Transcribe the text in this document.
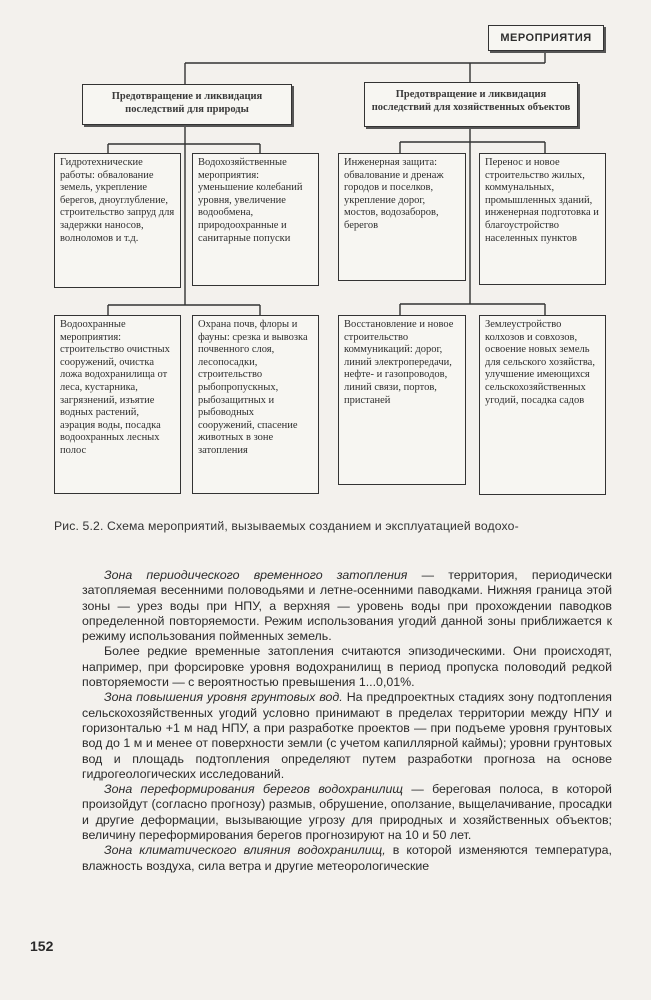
МЕРОПРИЯТИЯ
Предотвращение и ликвидация последствий для природы
Предотвращение и ликвидация последствий для хозяйственных объектов
Гидротехнические работы: обвалование земель, укрепление берегов, дноуглубление, строительство запруд для задержки наносов, волноломов и т.д.
Водохозяйственные мероприятия: уменьшение колебаний уровня, увеличение водообмена, природоохранные и санитарные попуски
Инженерная защита: обвалование и дренаж городов и поселков, укрепление дорог, мостов, водозаборов, берегов
Перенос и новое строительство жилых, коммунальных, промышленных зданий, инженерная подготовка и благоустройство населенных пунктов
Водоохранные мероприятия: строительство очистных сооружений, очистка ложа водохранилища от леса, кустарника, загрязнений, изъятие водных растений, аэрация воды, посадка водоохранных лесных полос
Охрана почв, флоры и фауны: срезка и вывозка почвенного слоя, лесопосадки, строительство рыбопропускных, рыбозащитных и рыбоводных сооружений, спасение животных в зоне затопления
Восстановление и новое строительство коммуникаций: дорог, линий электропередачи, нефте- и газопроводов, линий связи, портов, пристаней
Землеустройство колхозов и совхозов, освоение новых земель для сельского хозяйства, улучшение имеющихся сельскохозяйственных угодий, посадка садов
Рис. 5.2. Схема мероприятий, вызываемых созданием и эксплуатацией водохо-

Зона периодического временного затопления — территория, периодически затопляемая весенними половодьями и летне-осенними паводками. Нижняя граница этой зоны — урез воды при НПУ, а верхняя — уровень воды при прохождении паводков определенной повторяемости. Режим использования угодий данной зоны приближается к режиму использования пойменных земель.

Более редкие временные затопления считаются эпизодическими. Они происходят, например, при форсировке уровня водохранилищ в период пропуска половодий редкой повторяемости — с вероятностью превышения 1...0,01%.

Зона повышения уровня грунтовых вод. На предпроектных стадиях зону подтопления сельскохозяйственных угодий условно принимают в пределах территории между НПУ и горизонталью +1 м над НПУ, а при разработке проектов — при подъеме уровня грунтовых вод до 1 м и менее от поверхности земли (с учетом капиллярной каймы); уровни грунтовых вод и площадь подтопления определяют путем разработки прогноза на основе гидрогеологических исследований.

Зона переформирования берегов водохранилищ — береговая полоса, в которой произойдут (согласно прогнозу) размыв, обрушение, оползание, выщелачивание, просадки и другие деформации, вызывающие угрозу для природных и хозяйственных объектов; величину переформирования берегов прогнозируют на 10 и 50 лет.

Зона климатического влияния водохранилищ, в которой изменяются температура, влажность воздуха, сила ветра и другие метеорологические

152
